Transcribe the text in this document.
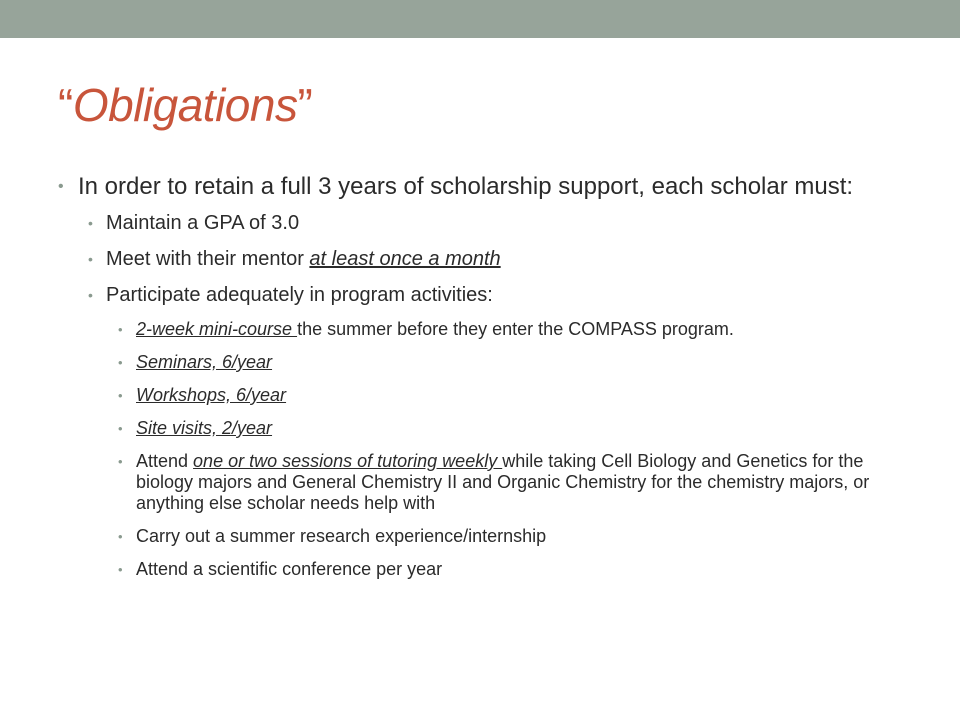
“Obligations”
• In order to retain a full 3 years of scholarship support, each scholar must:
• Maintain a GPA of 3.0
• Meet with their mentor at least once a month
• Participate adequately in program activities:
• 2-week mini-course the summer before they enter the COMPASS program.
• Seminars, 6/year
• Workshops, 6/year
• Site visits, 2/year
• Attend one or two sessions of tutoring weekly while taking Cell Biology and Genetics for the biology majors and General Chemistry II and Organic Chemistry for the chemistry majors, or anything else scholar needs help with
• Carry out a summer research experience/internship
• Attend a scientific conference per year
